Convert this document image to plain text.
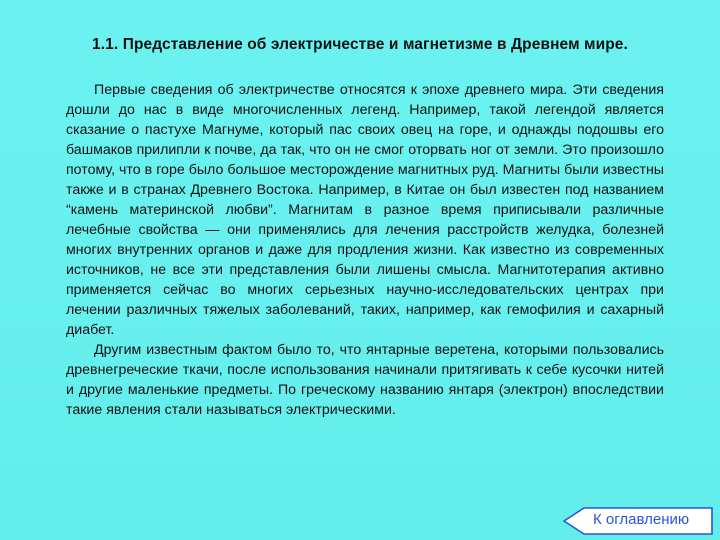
1.1. Представление об электричестве и магнетизме в Древнем мире.

Первые сведения об электричестве относятся к эпохе древнего мира. Эти сведения дошли до нас в виде многочисленных легенд. Например, такой легендой является сказание о пастухе Магнуме, который пас своих овец на горе, и однажды подошвы его башмаков прилипли к почве, да так, что он не смог оторвать ног от земли. Это произошло потому, что в горе было большое месторождение магнитных руд. Магниты были известны также и в странах Древнего Востока. Например, в Китае он был известен под названием “камень материнской любви”. Магнитам в разное время приписывали различные лечебные свойства — они применялись для лечения расстройств желудка, болезней многих внутренних органов и даже для продления жизни. Как известно из современных источников, не все эти представления были лишены смысла. Магнитотерапия активно применяется сейчас во многих серьезных научно-исследовательских центрах при лечении различных тяжелых заболеваний, таких, например, как гемофилия и сахарный диабет.

Другим известным фактом было то, что янтарные веретена, которыми пользовались древнегреческие ткачи, после использования начинали притягивать к себе кусочки нитей и другие маленькие предметы. По греческому названию янтаря (электрон) впоследствии такие явления стали называться электрическими.

К оглавлению
